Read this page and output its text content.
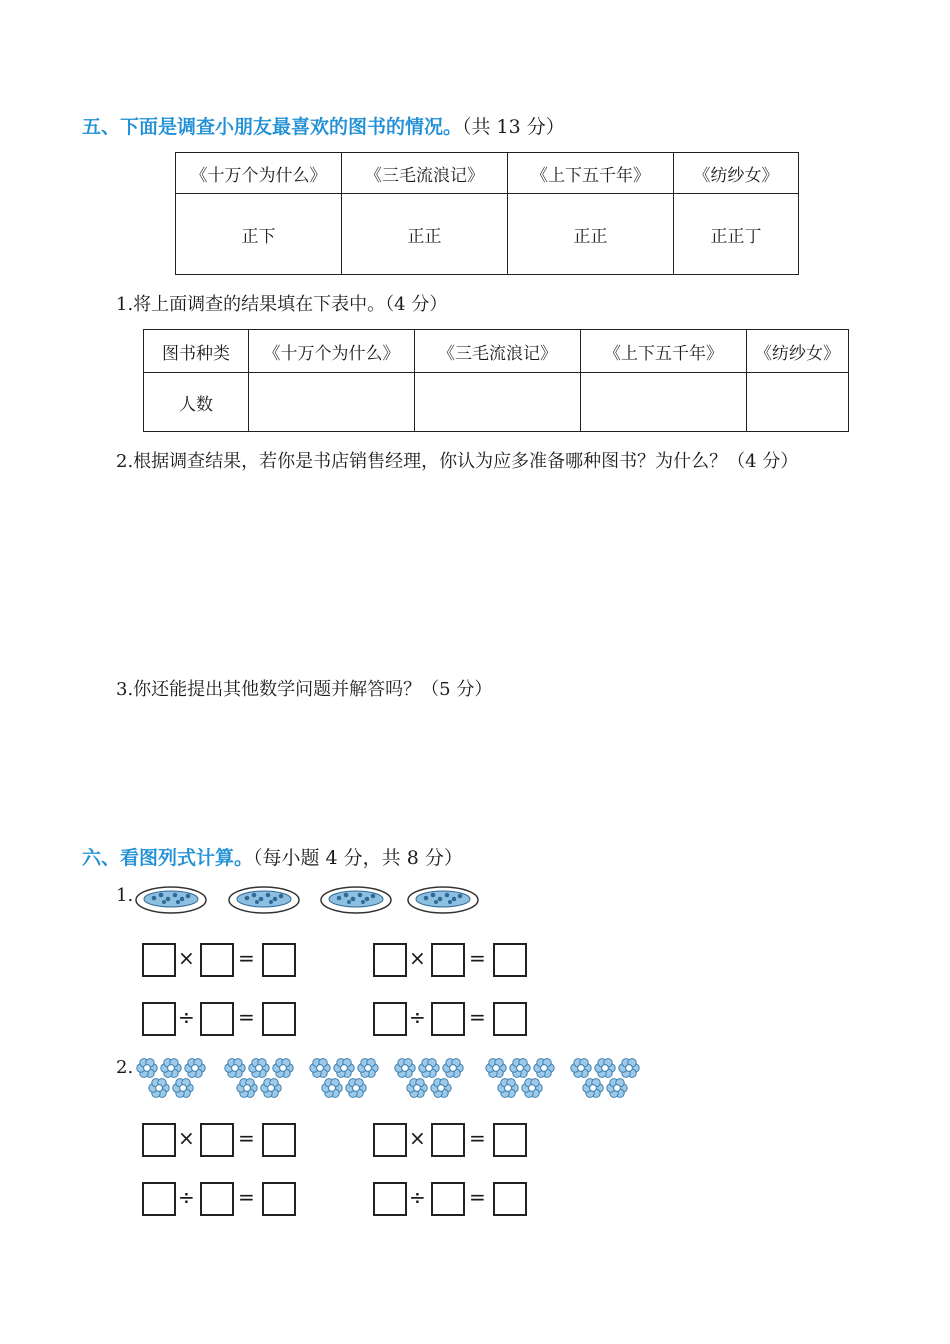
五、下面是调查小朋友最喜欢的图书的情况。（共 13 分）
《十万个为什么》	《三毛流浪记》	《上下五千年》	《纺纱女》
正下	正正	正正	正正丁
1.将上面调查的结果填在下表中。（4 分）
图书种类	《十万个为什么》	《三毛流浪记》	《上下五千年》	《纺纱女》
人数				
2.根据调查结果，若你是书店销售经理，你认为应多准备哪种图书？为什么？（4 分）
3.你还能提出其他数学问题并解答吗？（5 分）
六、看图列式计算。（每小题 4 分，共 8 分）
1.
× =	× =
÷ =	÷ =
2.
× =	× =
÷ =	÷ =
